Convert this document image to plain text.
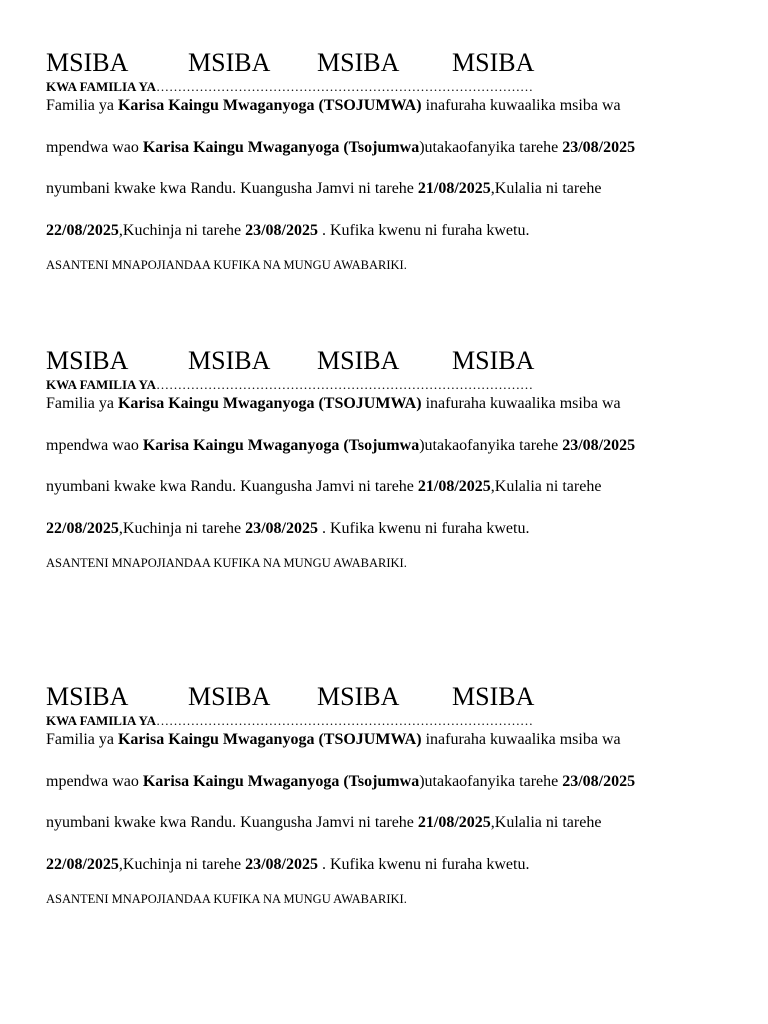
MSIBA MSIBA MSIBA MSIBA
KWA FAMILIA YA……………………………………………………………………………
Familia ya Karisa Kaingu Mwaganyoga (TSOJUMWA) inafuraha kuwaalika msiba wa
mpendwa wao Karisa Kaingu Mwaganyoga (Tsojumwa)utakaofanyika tarehe 23/08/2025
nyumbani kwake kwa Randu. Kuangusha Jamvi ni tarehe 21/08/2025,Kulalia ni tarehe
22/08/2025,Kuchinja ni tarehe 23/08/2025 . Kufika kwenu ni furaha kwetu.
ASANTENI MNAPOJIANDAA KUFIKA NA MUNGU AWABARIKI.
MSIBA MSIBA MSIBA MSIBA
KWA FAMILIA YA……………………………………………………………………………
Familia ya Karisa Kaingu Mwaganyoga (TSOJUMWA) inafuraha kuwaalika msiba wa
mpendwa wao Karisa Kaingu Mwaganyoga (Tsojumwa)utakaofanyika tarehe 23/08/2025
nyumbani kwake kwa Randu. Kuangusha Jamvi ni tarehe 21/08/2025,Kulalia ni tarehe
22/08/2025,Kuchinja ni tarehe 23/08/2025 . Kufika kwenu ni furaha kwetu.
ASANTENI MNAPOJIANDAA KUFIKA NA MUNGU AWABARIKI.
MSIBA MSIBA MSIBA MSIBA
KWA FAMILIA YA……………………………………………………………………………
Familia ya Karisa Kaingu Mwaganyoga (TSOJUMWA) inafuraha kuwaalika msiba wa
mpendwa wao Karisa Kaingu Mwaganyoga (Tsojumwa)utakaofanyika tarehe 23/08/2025
nyumbani kwake kwa Randu. Kuangusha Jamvi ni tarehe 21/08/2025,Kulalia ni tarehe
22/08/2025,Kuchinja ni tarehe 23/08/2025 . Kufika kwenu ni furaha kwetu.
ASANTENI MNAPOJIANDAA KUFIKA NA MUNGU AWABARIKI.
